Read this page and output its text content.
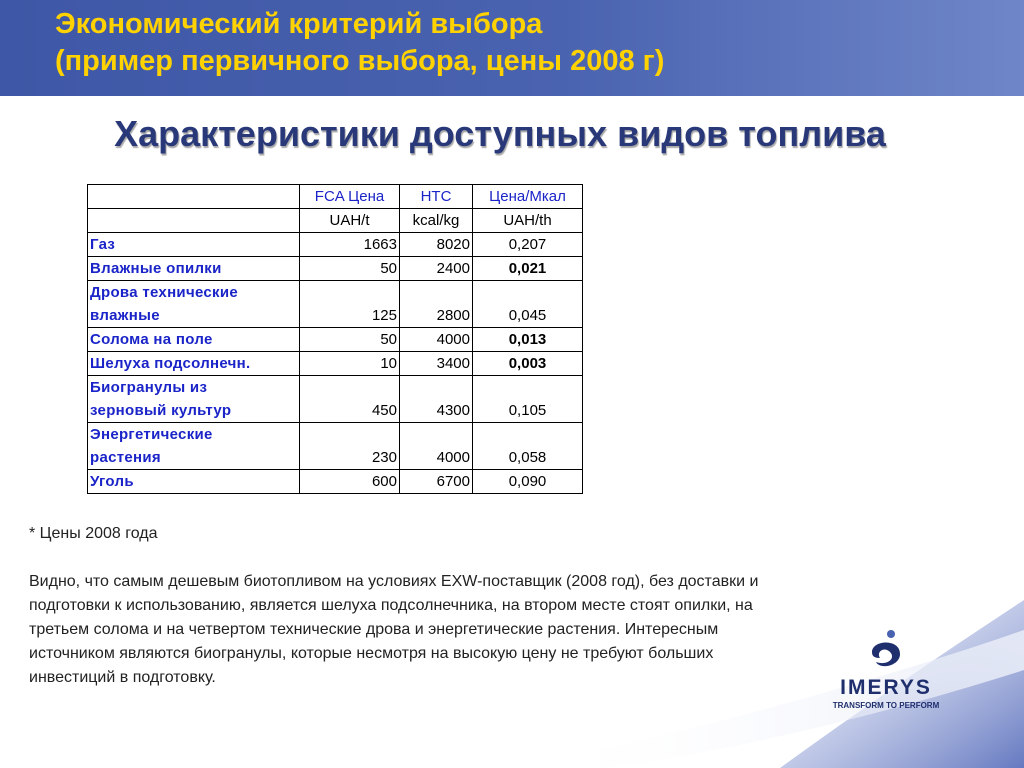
Экономический критерий выбора
(пример первичного выбора, цены 2008 г)
Характеристики доступных видов топлива
	FCA Цена	HTC	Цена/Мкал
	UAH/t	kcal/kg	UAH/th

Газ	1663	8020	0,207

Влажные опилки	50	2400	0,021

Дрова технические
влажные	125	2800	0,045

Солома на поле	50	4000	0,013

Шелуха подсолнечн.	10	3400	0,003

Биогранулы из
зерновый культур	450	4300	0,105

Энергетические
растения	230	4000	0,058

Уголь	600	6700	0,090

* Цены 2008 года

Видно, что самым дешевым биотопливом на условиях EXW-поставщик (2008 год), без доставки и подготовки к использованию, является шелуха подсолнечника, на втором месте стоят опилки, на третьем солома и на четвертом технические дрова и энергетические растения. Интересным источником являются биогранулы, которые несмотря на высокую цену не требуют больших инвестиций в подготовку.	IMERYS
TRANSFORM TO PERFORM
